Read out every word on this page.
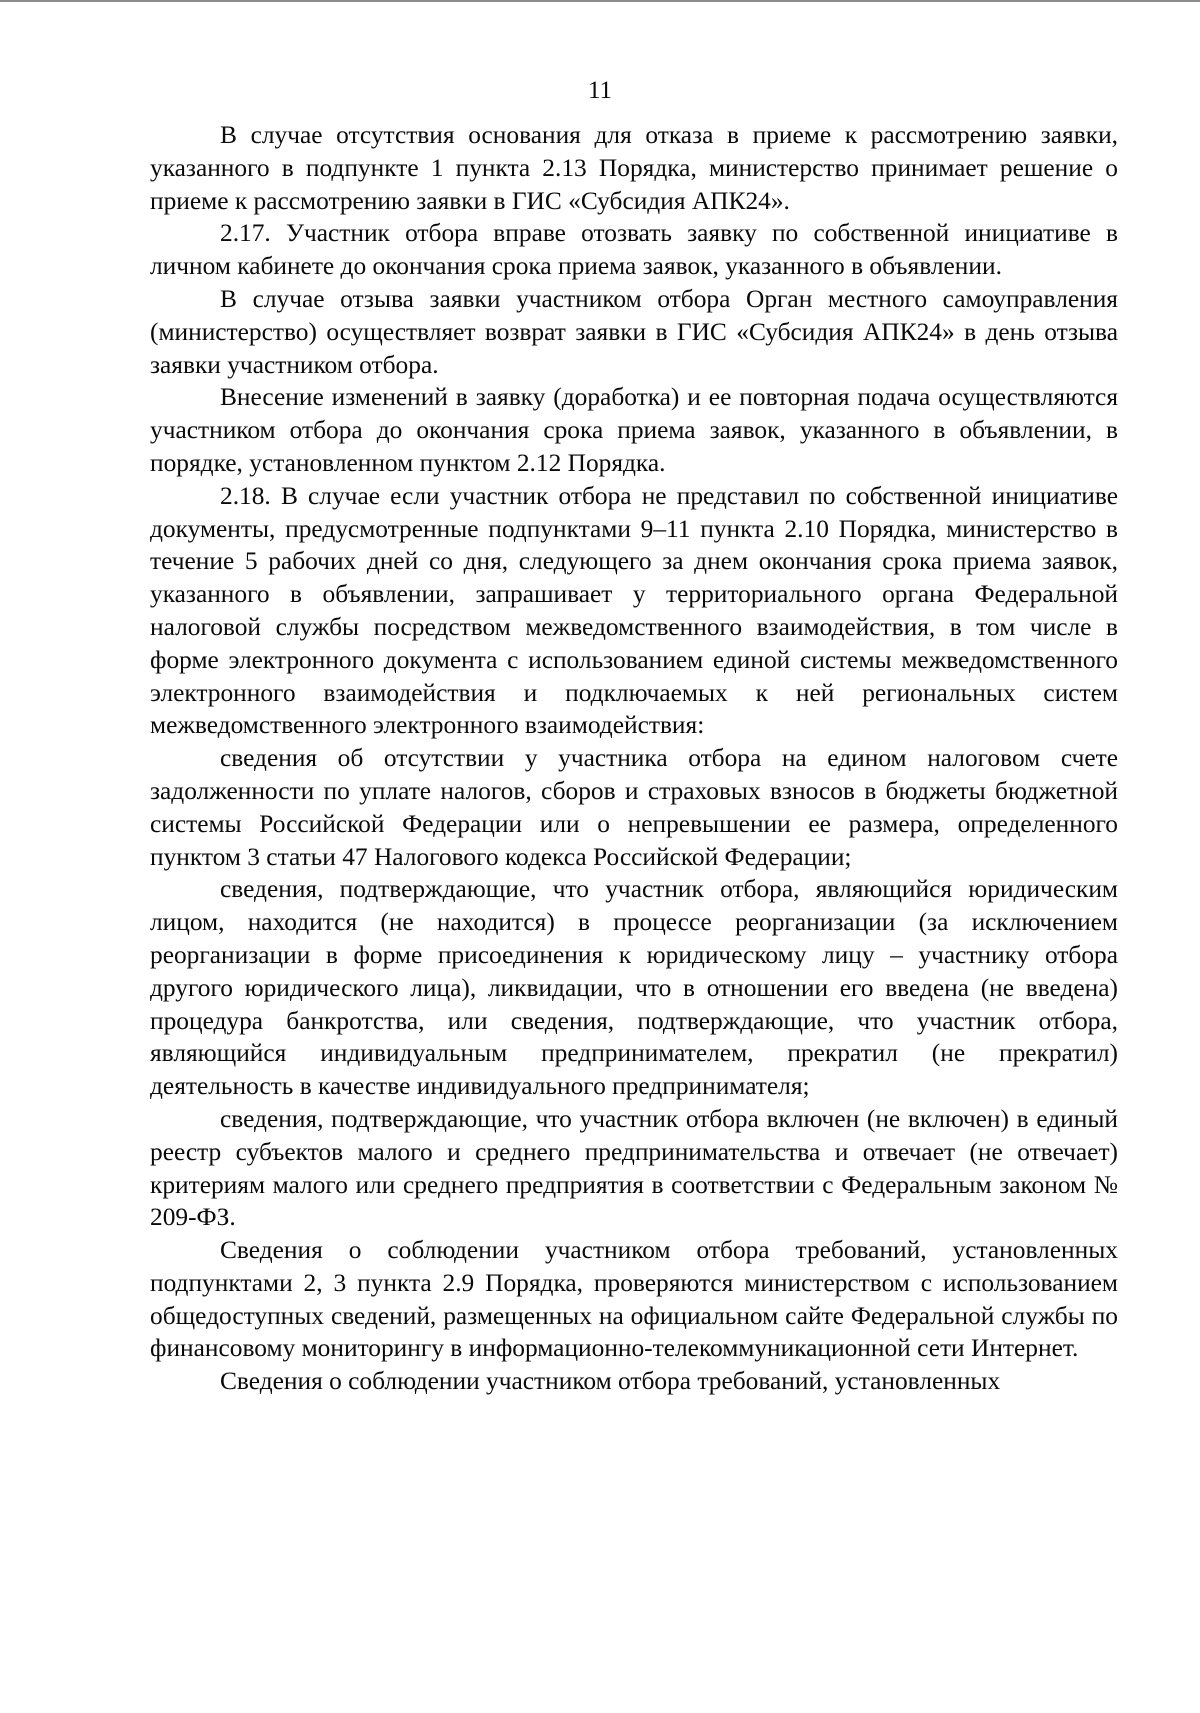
11

В случае отсутствия основания для отказа в приеме к рассмотрению заявки, указанного в подпункте 1 пункта 2.13 Порядка, министерство принимает решение о приеме к рассмотрению заявки в ГИС «Субсидия АПК24».

2.17. Участник отбора вправе отозвать заявку по собственной инициативе в личном кабинете до окончания срока приема заявок, указанного в объявлении.

В случае отзыва заявки участником отбора Орган местного самоуправления (министерство) осуществляет возврат заявки в ГИС «Субсидия АПК24» в день отзыва заявки участником отбора.

Внесение изменений в заявку (доработка) и ее повторная подача осуществляются участником отбора до окончания срока приема заявок, указанного в объявлении, в порядке, установленном пунктом 2.12 Порядка.

2.18. В случае если участник отбора не представил по собственной инициативе документы, предусмотренные подпунктами 9–11 пункта 2.10 Порядка, министерство в течение 5 рабочих дней со дня, следующего за днем окончания срока приема заявок, указанного в объявлении, запрашивает у территориального органа Федеральной налоговой службы посредством межведомственного взаимодействия, в том числе в форме электронного документа с использованием единой системы межведомственного электронного взаимодействия и подключаемых к ней региональных систем межведомственного электронного взаимодействия:

сведения об отсутствии у участника отбора на едином налоговом счете задолженности по уплате налогов, сборов и страховых взносов в бюджеты бюджетной системы Российской Федерации или о непревышении ее размера, определенного пунктом 3 статьи 47 Налогового кодекса Российской Федерации;

сведения, подтверждающие, что участник отбора, являющийся юридическим лицом, находится (не находится) в процессе реорганизации (за исключением реорганизации в форме присоединения к юридическому лицу – участнику отбора другого юридического лица), ликвидации, что в отношении его введена (не введена) процедура банкротства, или сведения, подтверждающие, что участник отбора, являющийся индивидуальным предпринимателем, прекратил (не прекратил) деятельность в качестве индивидуального предпринимателя;

сведения, подтверждающие, что участник отбора включен (не включен) в единый реестр субъектов малого и среднего предпринимательства и отвечает (не отвечает) критериям малого или среднего предприятия в соответствии с Федеральным законом № 209-ФЗ.

Сведения о соблюдении участником отбора требований, установленных подпунктами 2, 3 пункта 2.9 Порядка, проверяются министерством с использованием общедоступных сведений, размещенных на официальном сайте Федеральной службы по финансовому мониторингу в информационно-телекоммуникационной сети Интернет.

Сведения о соблюдении участником отбора требований, установленных
